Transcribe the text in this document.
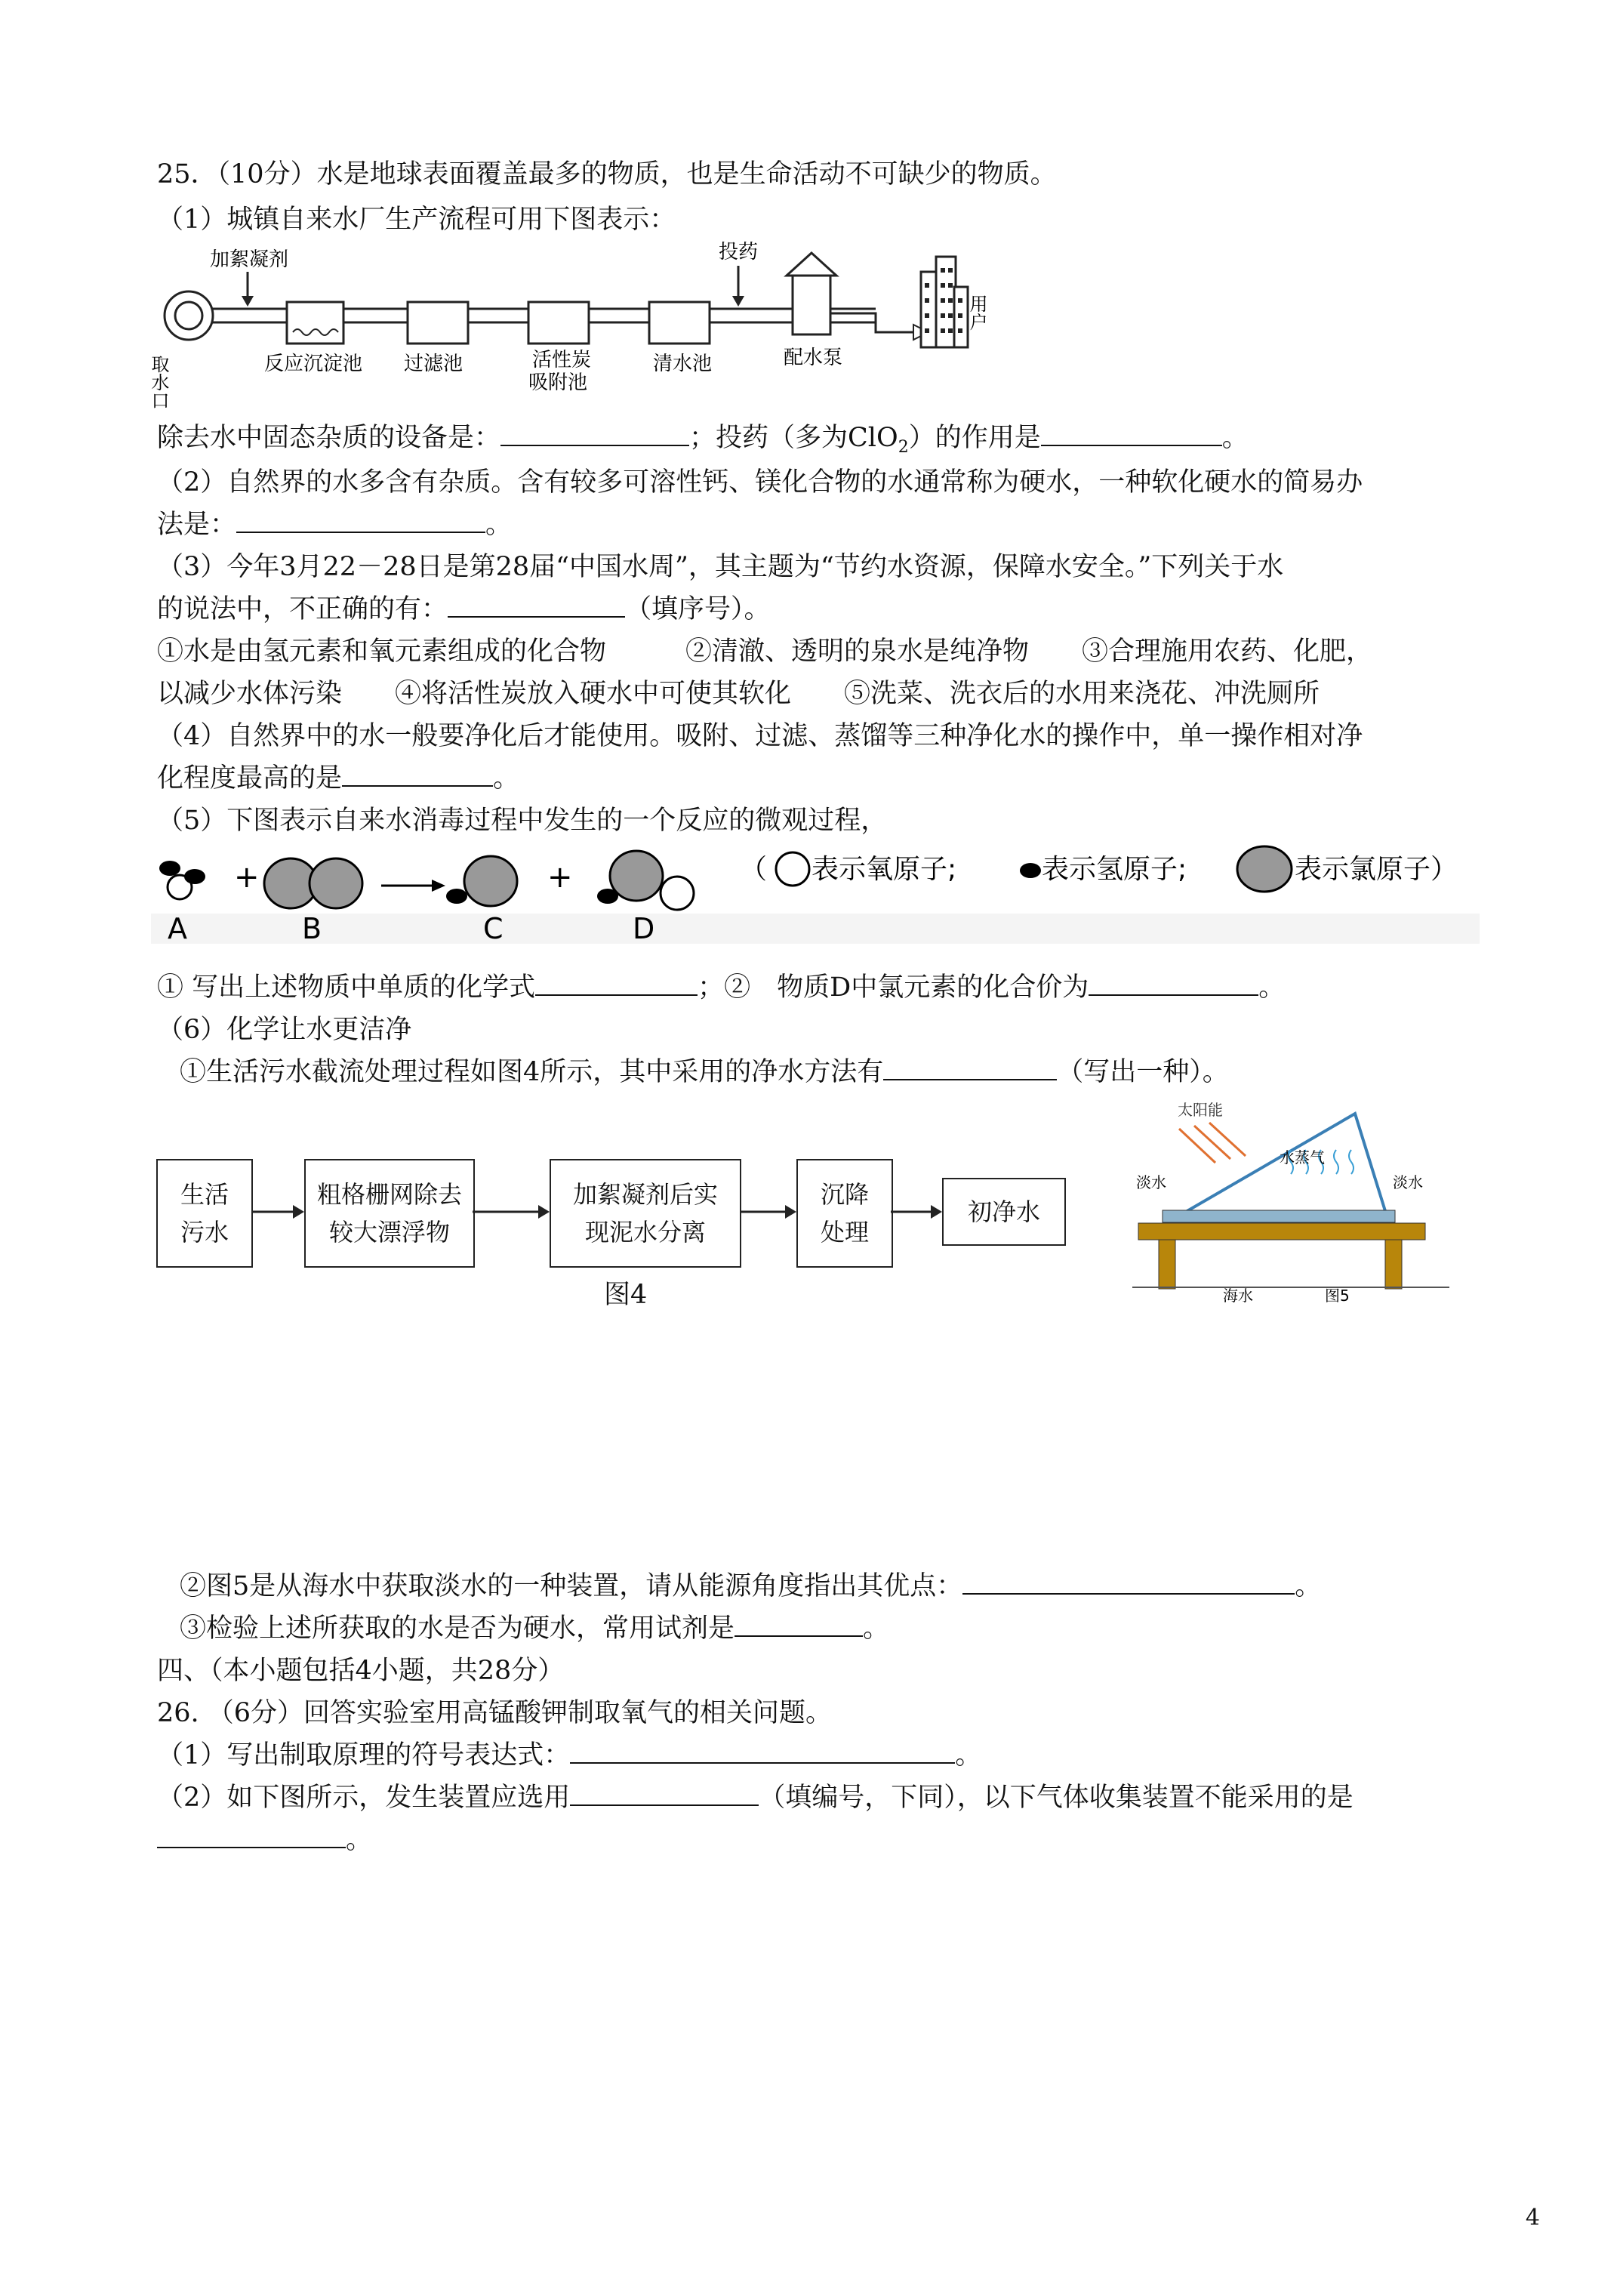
25．（10分）水是地球表面覆盖最多的物质，也是生命活动不可缺少的物质。
（1）城镇自来水厂生产流程可用下图表示：
加絮凝剂
取水口	反应沉淀池 过滤池	活性炭
吸附池
清水池
投药
配水泵
用户
除去水中固态杂质的设备是：	；投药（多为ClO$_2$）的作用是	。
（2）自然界的水多含有杂质。含有较多可溶性钙、镁化合物的水通常称为硬水，一种软化硬水的简易办
法是：	。
（3）今年3月22－28日是第28届“中国水周”，其主题为“节约水资源，保障水安全。”下列关于水
的说法中，不正确的有：	（填序号）。
①水是由氢元素和氧元素组成的化合物　　　②清澈、透明的泉水是纯净物　　③合理施用农药、化肥，
以减少水体污染　　④将活性炭放入硬水中可使其软化　　⑤洗菜、洗衣后的水用来浇花、冲洗厕所
（4）自然界中的水一般要净化后才能使用。吸附、过滤、蒸馏等三种净化水的操作中，单一操作相对净
化程度最高的是	。
（5）下图表示自来水消毒过程中发生的一个反应的微观过程，
+	+
A	B	C	D
（ 表示氧原子;	表示氢原子;	表示氯原子）
① 写出上述物质中单质的化学式	；②　物质D中氯元素的化合价为	。
（6）化学让水更洁净
①生活污水截流处理过程如图4所示，其中采用的净水方法有	（写出一种）。
生活
污水
粗格栅网除去
较大漂浮物
加絮凝剂后实
现泥水分离
沉降
处理
初净水
图4
太阳能
水蒸气
淡水	淡水
海水	图5
②图5是从海水中获取淡水的一种装置，请从能源角度指出其优点：	。
③检验上述所获取的水是否为硬水，常用试剂是	。
四、（本小题包括4小题，共28分）
26. （6分）回答实验室用高锰酸钾制取氧气的相关问题。
（1）写出制取原理的符号表达式：	。
（2）如下图所示，发生装置应选用	（填编号，下同），以下气体收集装置不能采用的是
。
4
